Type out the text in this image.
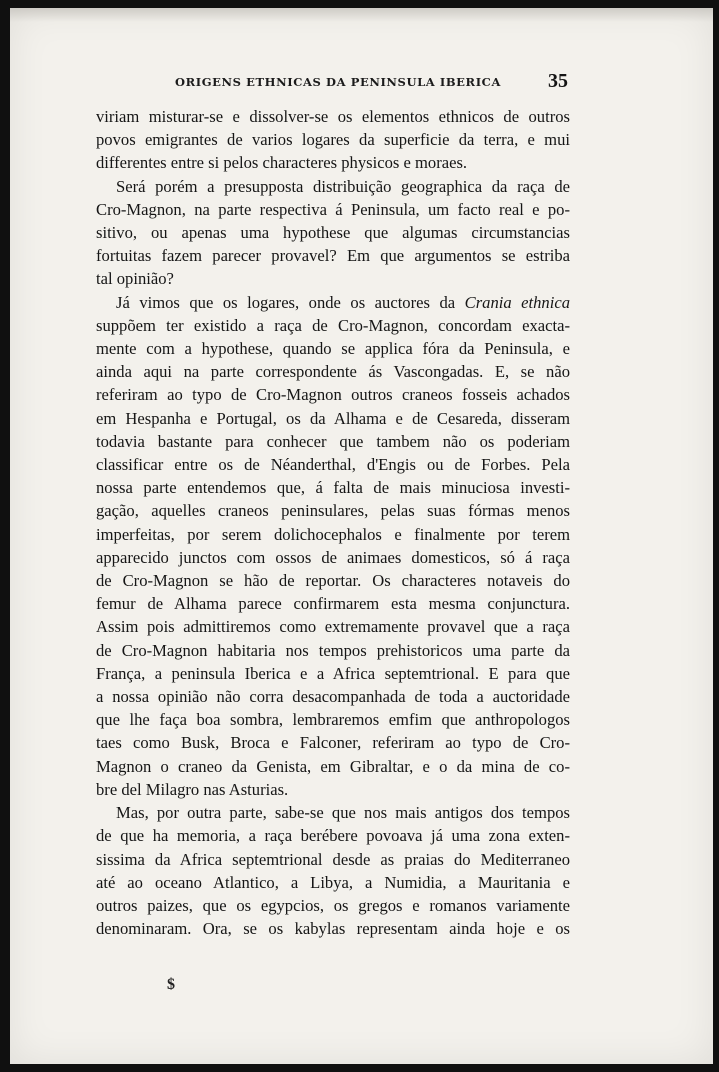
ORIGENS ETHNICAS DA PENINSULA IBERICA 35
viriam misturar-se e dissolver-se os elementos ethnicos de outros
povos emigrantes de varios logares da superficie da terra, e mui
differentes entre si pelos characteres physicos e moraes.
Será porém a presupposta distribuição geographica da raça de
Cro-Magnon, na parte respectiva á Peninsula, um facto real e po-
sitivo, ou apenas uma hypothese que algumas circumstancias
fortuitas fazem parecer provavel? Em que argumentos se estriba
tal opinião?
Já vimos que os logares, onde os auctores da Crania ethnica
suppõem ter existido a raça de Cro-Magnon, concordam exacta-
mente com a hypothese, quando se applica fóra da Peninsula, e
ainda aqui na parte correspondente ás Vascongadas. E, se não
referiram ao typo de Cro-Magnon outros craneos fosseis achados
em Hespanha e Portugal, os da Alhama e de Cesareda, disseram
todavia bastante para conhecer que tambem não os poderiam
classificar entre os de Néanderthal, d'Engis ou de Forbes. Pela
nossa parte entendemos que, á falta de mais minuciosa investi-
gação, aquelles craneos peninsulares, pelas suas fórmas menos
imperfeitas, por serem dolichocephalos e finalmente por terem
apparecido junctos com ossos de animaes domesticos, só á raça
de Cro-Magnon se hão de reportar. Os characteres notaveis do
femur de Alhama parece confirmarem esta mesma conjunctura.
Assim pois admittiremos como extremamente provavel que a raça
de Cro-Magnon habitaria nos tempos prehistoricos uma parte da
França, a peninsula Iberica e a Africa septemtrional. E para que
a nossa opinião não corra desacompanhada de toda a auctoridade
que lhe faça boa sombra, lembraremos emfim que anthropologos
taes como Busk, Broca e Falconer, referiram ao typo de Cro-
Magnon o craneo da Genista, em Gibraltar, e o da mina de co-
bre del Milagro nas Asturias.
Mas, por outra parte, sabe-se que nos mais antigos dos tempos
de que ha memoria, a raça berébere povoava já uma zona exten-
sissima da Africa septemtrional desde as praias do Mediterraneo
até ao oceano Atlantico, a Libya, a Numidia, a Mauritania e
outros paizes, que os egypcios, os gregos e romanos variamente
denominaram. Ora, se os kabylas representam ainda hoje e os
$
